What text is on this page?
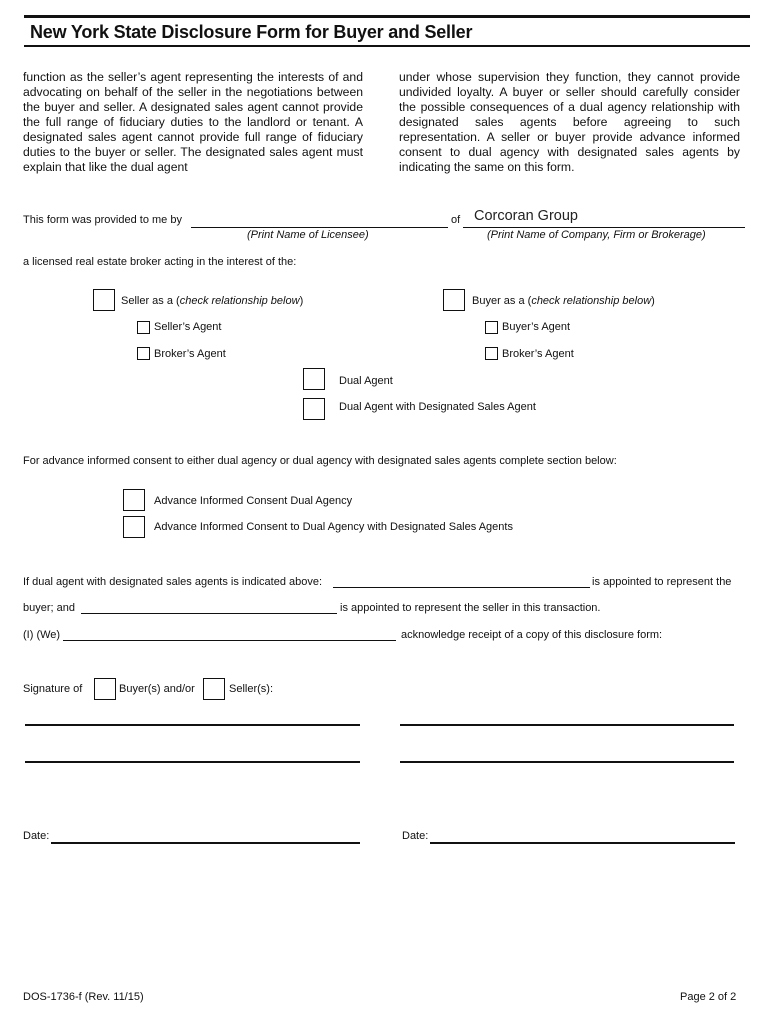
New York State Disclosure Form for Buyer and Seller
function as the seller’s agent representing the interests of and advocating on behalf of the seller in the negotiations between the buyer and seller. A designated sales agent cannot provide the full range of fiduciary duties to the landlord or tenant. A designated sales agent cannot provide full range of fiduciary duties to the buyer or seller. The designated sales agent must explain that like the dual agent
under whose supervision they function, they cannot provide undivided loyalty. A buyer or seller should carefully consider the possible consequences of a dual agency relationship with designated sales agents before agreeing to such representation. A seller or buyer provide advance informed consent to dual agency with designated sales agents by indicating the same on this form.
This form was provided to me by	of Corcoran Group
(Print Name of Licensee)	(Print Name of Company, Firm or Brokerage)
a licensed real estate broker acting in the interest of the:
Seller as a (check relationship below)	Buyer as a (check relationship below)
Seller’s Agent
Broker’s Agent
Buyer’s Agent
Broker’s Agent
Dual Agent
Dual Agent with Designated Sales Agent
For advance informed consent to either dual agency or dual agency with designated sales agents complete section below:
Advance Informed Consent Dual Agency
Advance Informed Consent to Dual Agency with Designated Sales Agents
If dual agent with designated sales agents is indicated above:	is appointed to represent the
buyer; and	is appointed to represent the seller in this transaction.
(I) (We)	acknowledge receipt of a copy of this disclosure form:
Signature of	Buyer(s) and/or	Seller(s):
Date:	Date:
DOS-1736-f (Rev. 11/15)	Page 2 of 2
